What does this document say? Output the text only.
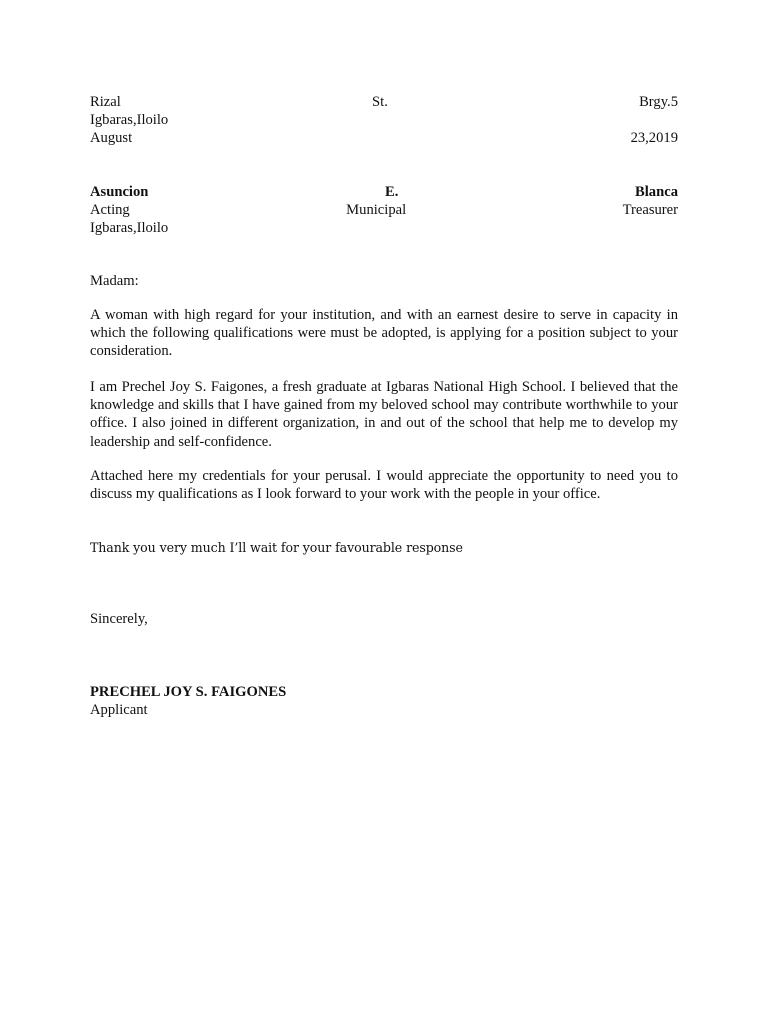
Rizal	St.	Brgy.5
Igbaras,Iloilo
August	23,2019
Asuncion	E.	Blanca
Acting	Municipal	Treasurer
Igbaras,Iloilo
Madam:
A woman with high regard for your institution, and with an earnest desire to serve in capacity in which the following qualifications were must be adopted, is applying for a position subject to your consideration.
I am Prechel Joy S. Faigones, a fresh graduate at Igbaras National High School. I believed that the knowledge and skills that I have gained from my beloved school may contribute worthwhile to your office. I also joined in different organization, in and out of the school that help me to develop my leadership and self-confidence.
Attached here my credentials for your perusal. I would appreciate the opportunity to need you to discuss my qualifications as I look forward to your work with the people in your office.
Thank you very much I’ll wait for your favourable response
Sincerely,
PRECHEL JOY S. FAIGONES
Applicant
